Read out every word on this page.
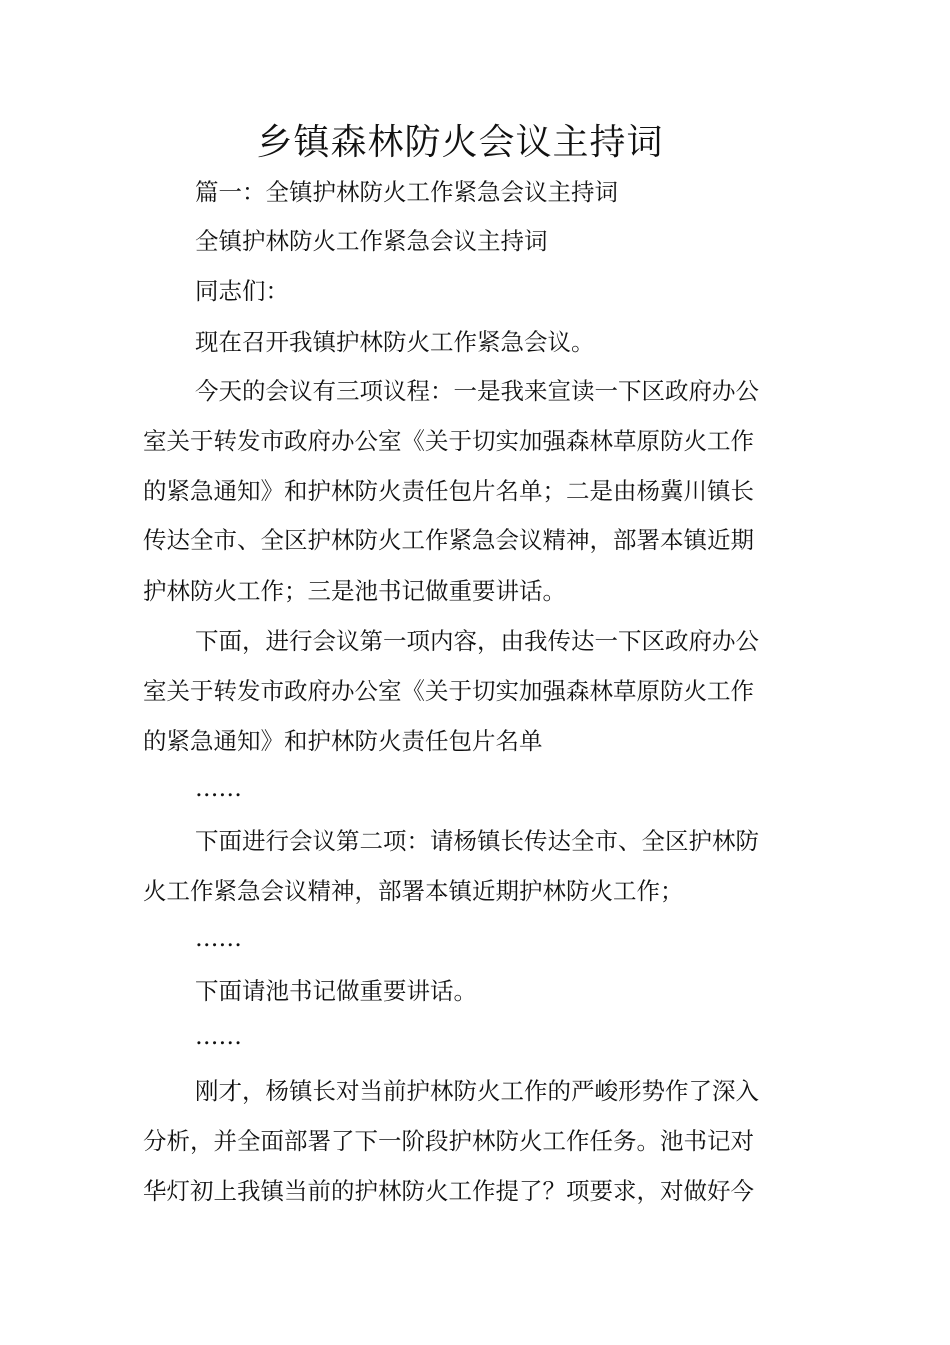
乡镇森林防火会议主持词
篇一：全镇护林防火工作紧急会议主持词
全镇护林防火工作紧急会议主持词
同志们：
现在召开我镇护林防火工作紧急会议。
今天的会议有三项议程：一是我来宣读一下区政府办公
室关于转发市政府办公室《关于切实加强森林草原防火工作
的紧急通知》和护林防火责任包片名单；二是由杨冀川镇长
传达全市、全区护林防火工作紧急会议精神，部署本镇近期
护林防火工作；三是池书记做重要讲话。
下面，进行会议第一项内容，由我传达一下区政府办公
室关于转发市政府办公室《关于切实加强森林草原防火工作
的紧急通知》和护林防火责任包片名单
……
下面进行会议第二项：请杨镇长传达全市、全区护林防
火工作紧急会议精神，部署本镇近期护林防火工作；
……
下面请池书记做重要讲话。
……
刚才，杨镇长对当前护林防火工作的严峻形势作了深入
分析，并全面部署了下一阶段护林防火工作任务。池书记对
华灯初上我镇当前的护林防火工作提了？项要求，对做好今
